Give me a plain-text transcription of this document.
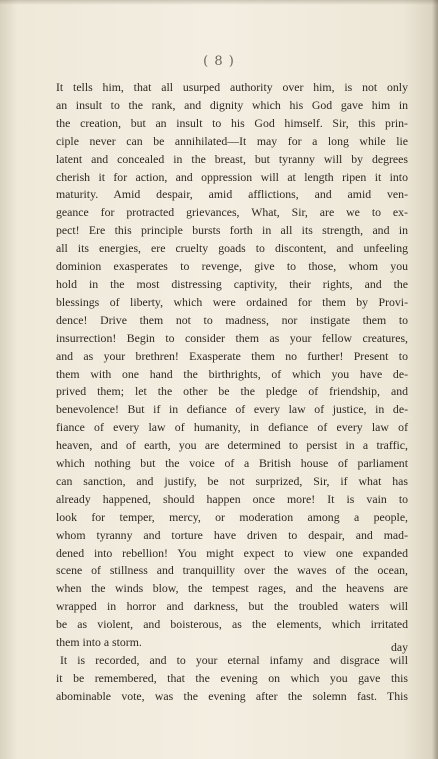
( 8 )
It tells him, that all usurped authority over him, is not only
an insult to the rank, and dignity which his God gave him in
the creation, but an insult to his God himself. Sir, this prin-
ciple never can be annihilated—It may for a long while lie
latent and concealed in the breast, but tyranny will by degrees
cherish it for action, and oppression will at length ripen it into
maturity. Amid despair, amid afflictions, and amid ven-
geance for protracted grievances, What, Sir, are we to ex-
pect! Ere this principle bursts forth in all its strength, and in
all its energies, ere cruelty goads to discontent, and unfeeling
dominion exasperates to revenge, give to those, whom you
hold in the most distressing captivity, their rights, and the
blessings of liberty, which were ordained for them by Provi-
dence! Drive them not to madness, nor instigate them to
insurrection! Begin to consider them as your fellow creatures,
and as your brethren! Exasperate them no further! Present to
them with one hand the birthrights, of which you have de-
prived them; let the other be the pledge of friendship, and
benevolence! But if in defiance of every law of justice, in de-
fiance of every law of humanity, in defiance of every law of
heaven, and of earth, you are determined to persist in a traffic,
which nothing but the voice of a British house of parliament
can sanction, and justify, be not surprized, Sir, if what has
already happened, should happen once more! It is vain to
look for temper, mercy, or moderation among a people,
whom tyranny and torture have driven to despair, and mad-
dened into rebellion! You might expect to view one expanded
scene of stillness and tranquillity over the waves of the ocean,
when the winds blow, the tempest rages, and the heavens are
wrapped in horror and darkness, but the troubled waters will
be as violent, and boisterous, as the elements, which irritated
them into a storm.
It is recorded, and to your eternal infamy and disgrace will
it be remembered, that the evening on which you gave this
abominable vote, was the evening after the solemn fast. This
day
